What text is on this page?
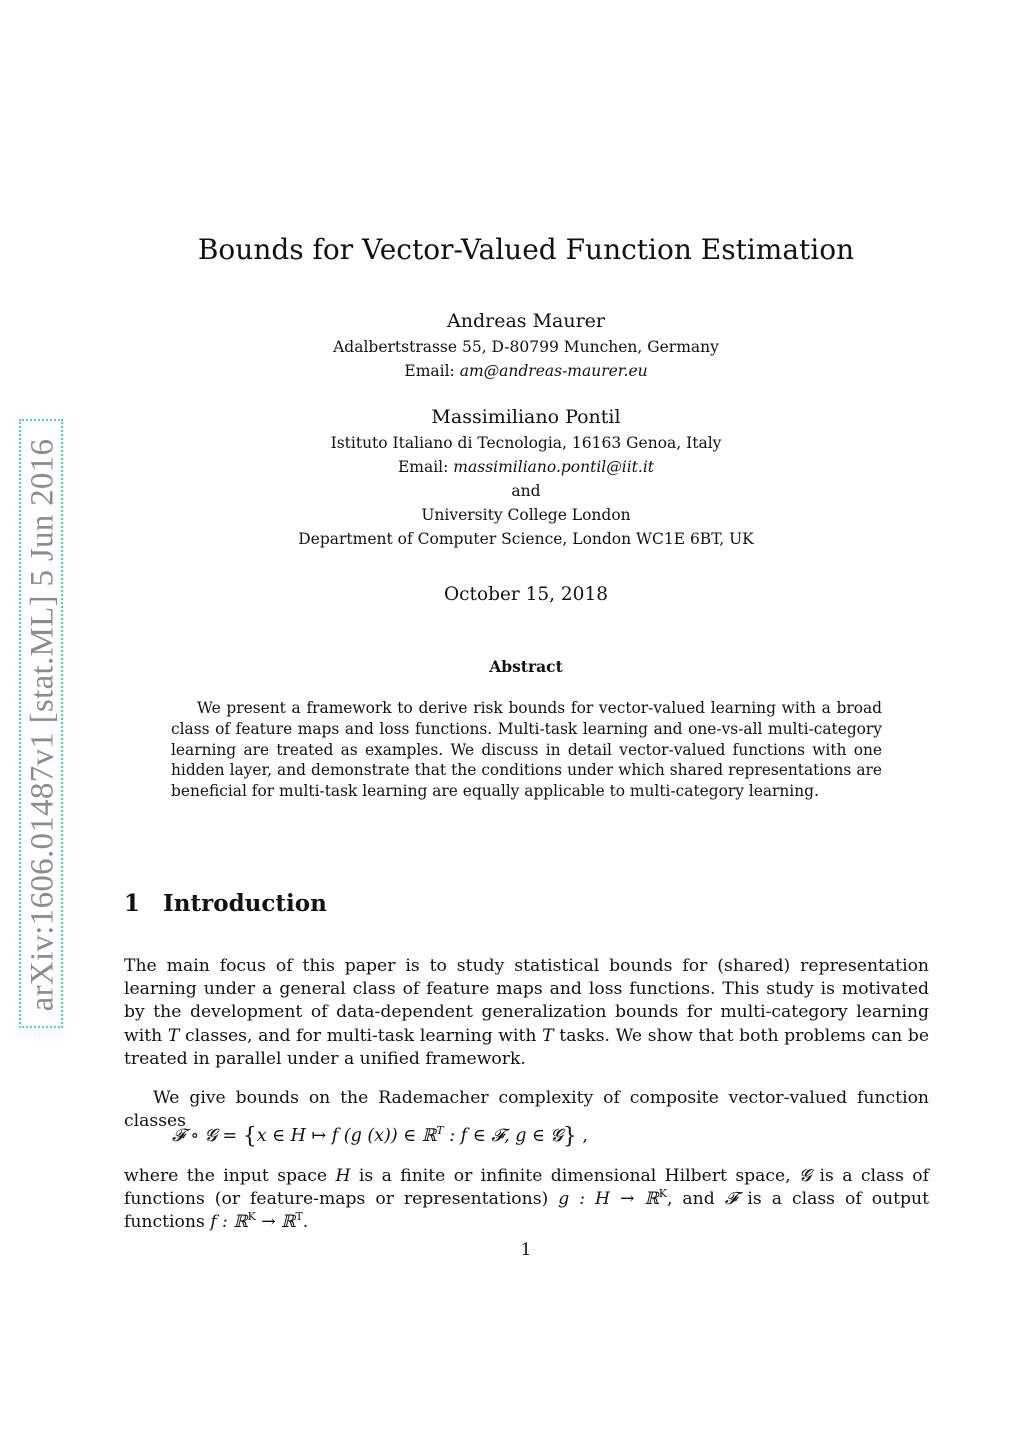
arXiv:1606.01487v1 [stat.ML] 5 Jun 2016
Bounds for Vector-Valued Function Estimation
Andreas Maurer
Adalbertstrasse 55, D-80799 Munchen, Germany
Email: am@andreas-maurer.eu
Massimiliano Pontil
Istituto Italiano di Tecnologia, 16163 Genoa, Italy
Email: massimiliano.pontil@iit.it
and
University College London
Department of Computer Science, London WC1E 6BT, UK
October 15, 2018
Abstract
We present a framework to derive risk bounds for vector-valued learning with a broad class of feature maps and loss functions. Multi-task learning and one-vs-all multi-category learning are treated as examples. We discuss in detail vector-valued functions with one hidden layer, and demonstrate that the conditions under which shared representations are beneficial for multi-task learning are equally applicable to multi-category learning.
1 Introduction
The main focus of this paper is to study statistical bounds for (shared) representation learning under a general class of feature maps and loss functions. This study is motivated by the development of data-dependent generalization bounds for multi-category learning with T classes, and for multi-task learning with T tasks. We show that both problems can be treated in parallel under a unified framework.
We give bounds on the Rademacher complexity of composite vector-valued function classes
𝓕 ∘ 𝓖 = {x ∈ H ↦ f (g (x)) ∈ ℝ$^T$ : f ∈ 𝓕, g ∈ 𝓖} ,
where the input space H is a finite or infinite dimensional Hilbert space, 𝓖 is a class of functions (or feature-maps or representations) g : H → ℝ$^K$, and 𝓕 is a class of output functions f : ℝ$^K$ → ℝ$^T$.
1
